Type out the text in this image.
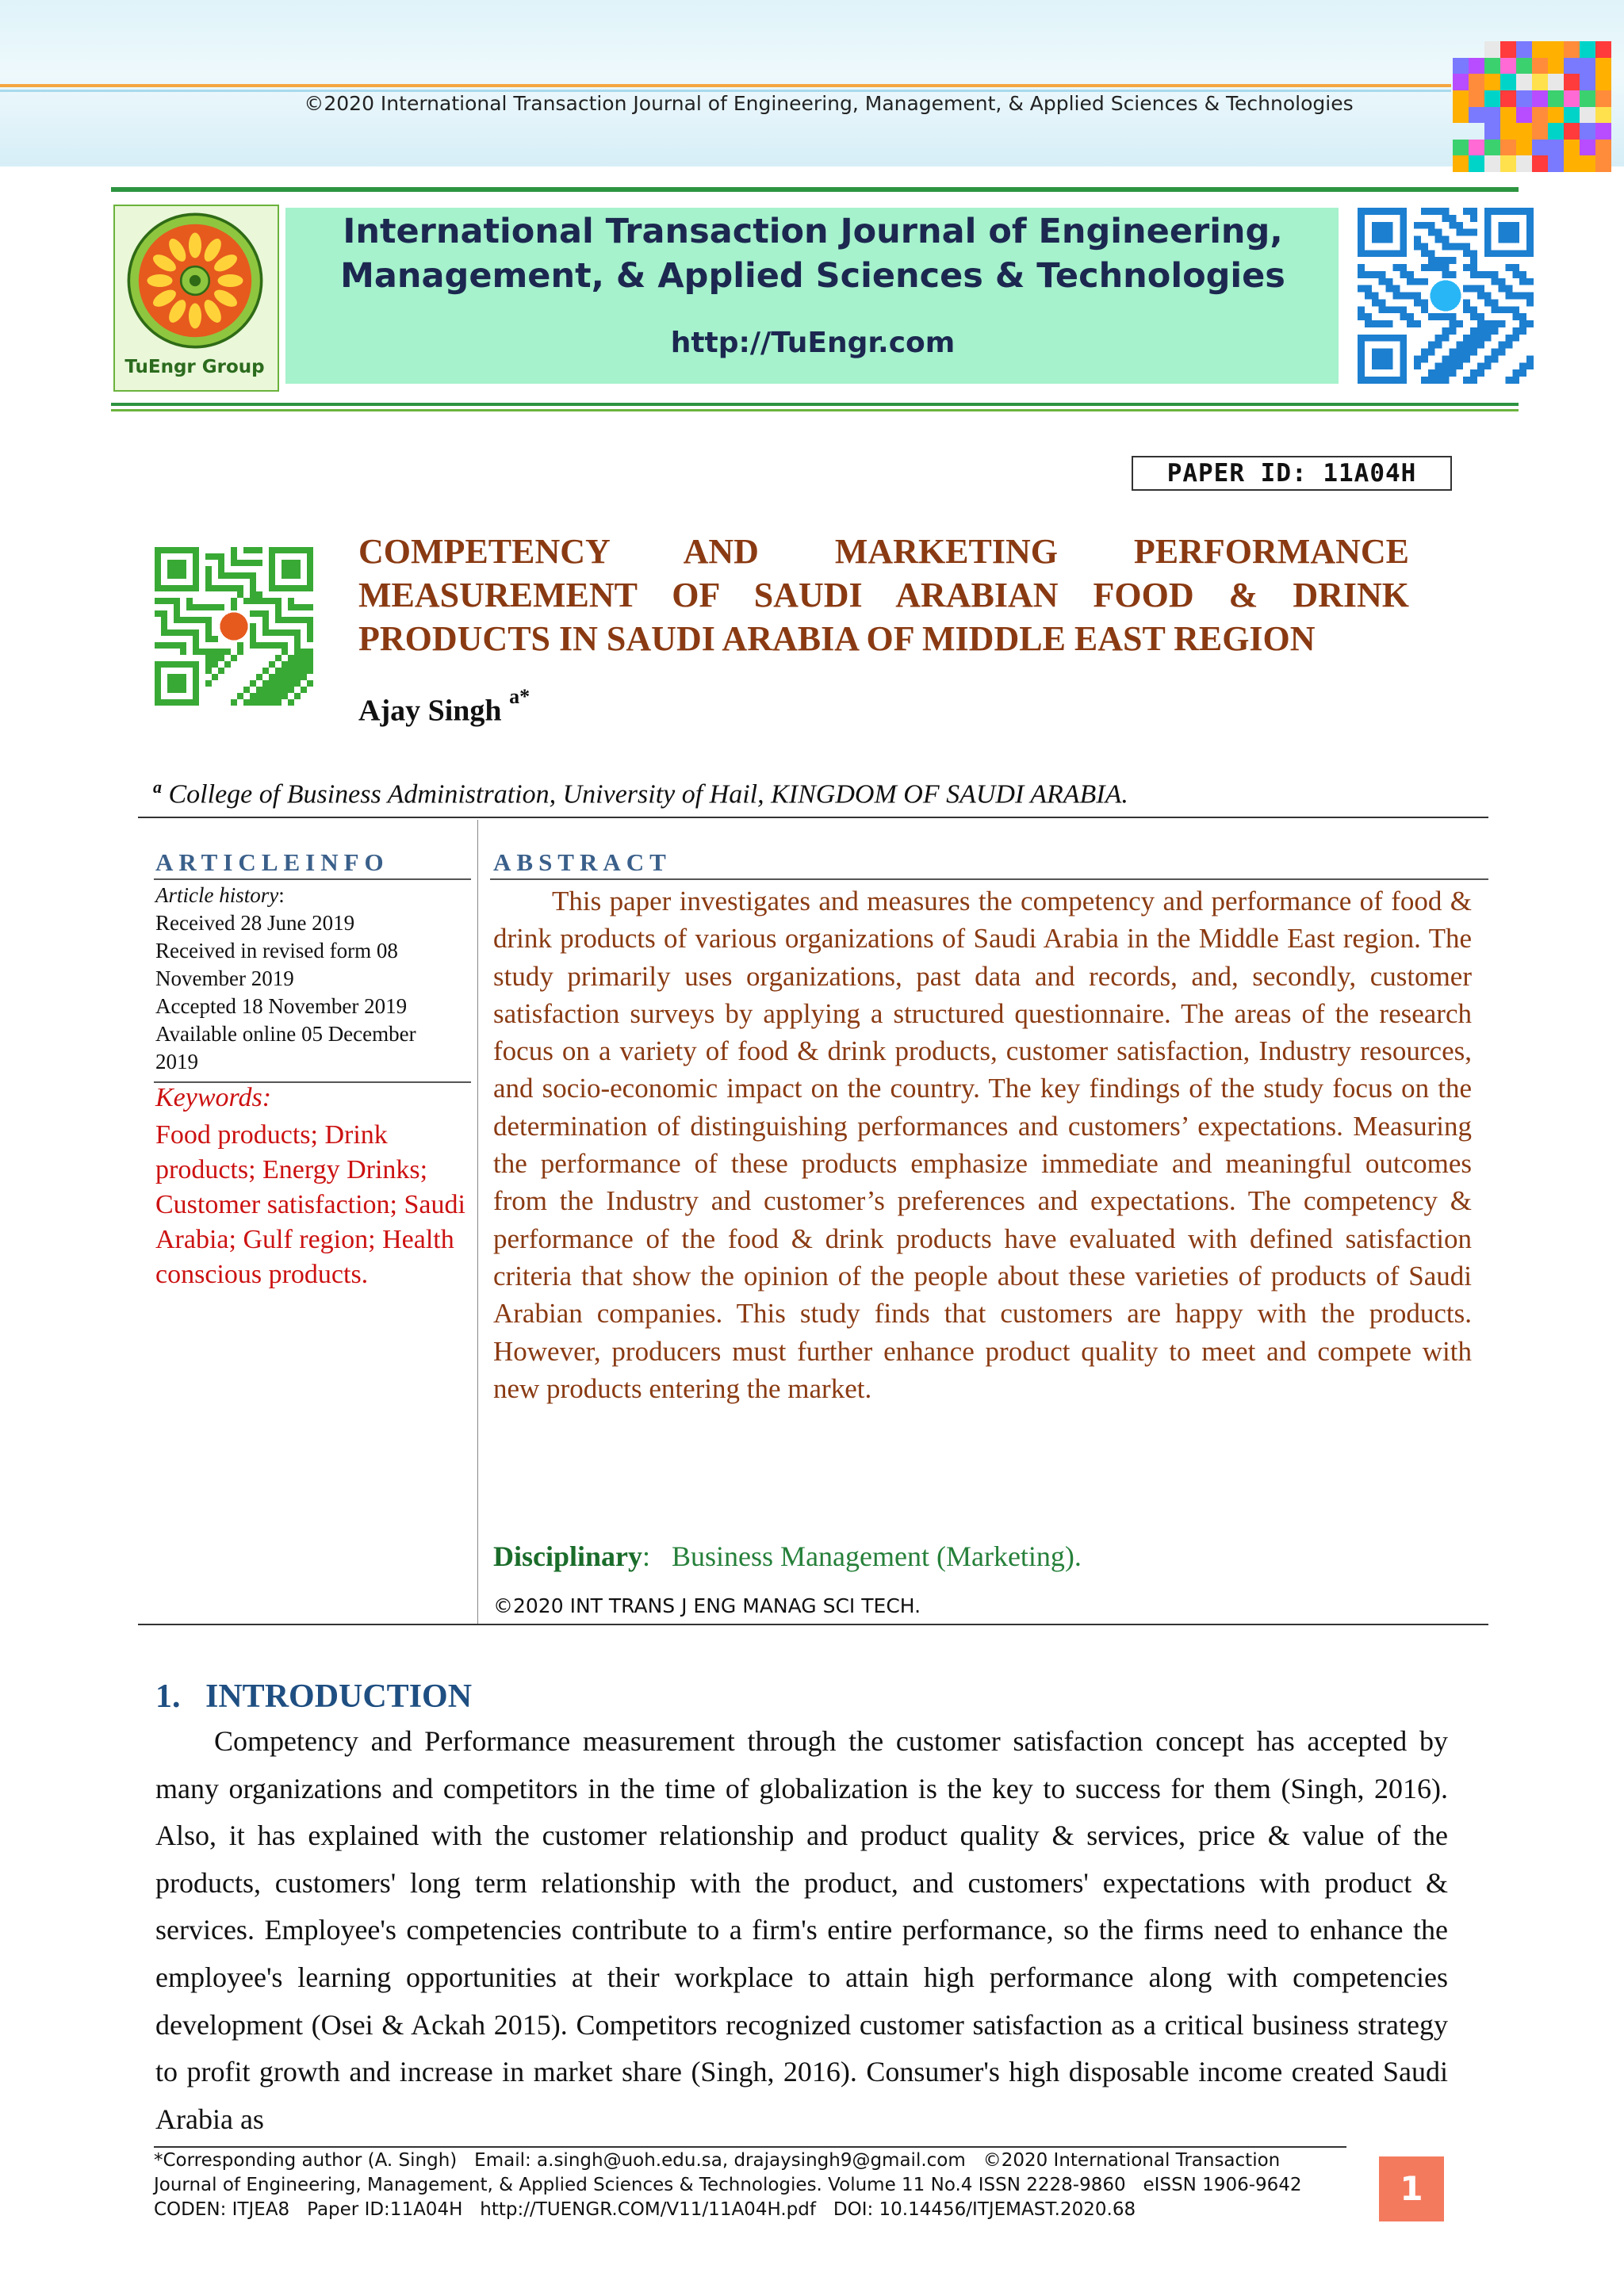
©2020 International Transaction Journal of Engineering, Management, & Applied Sciences & Technologies
TuEngr Group
International Transaction Journal of Engineering,
Management, & Applied Sciences & Technologies
http://TuEngr.com
PAPER ID: 11A04H
COMPETENCY AND MARKETING PERFORMANCE
MEASUREMENT OF SAUDI ARABIAN FOOD & DRINK
PRODUCTS IN SAUDI ARABIA OF MIDDLE EAST REGION
Ajay Singh $^{a*}$
$^a$ College of Business Administration, University of Hail, KINGDOM OF SAUDI ARABIA.
ARTICLEINFO	ABSTRACT
Article history:
Received 28 June 2019
Received in revised form 08
November 2019
Accepted 18 November 2019
Available online 05 December
2019
Keywords:
Food products; Drink products; Energy Drinks; Customer satisfaction; Saudi Arabia; Gulf region; Health conscious products.
This paper investigates and measures the competency and performance of food & drink products of various organizations of Saudi Arabia in the Middle East region. The study primarily uses organizations, past data and records, and, secondly, customer satisfaction surveys by applying a structured questionnaire. The areas of the research focus on a variety of food & drink products, customer satisfaction, Industry resources, and socio-economic impact on the country. The key findings of the study focus on the determination of distinguishing performances and customers’ expectations. Measuring the performance of these products emphasize immediate and meaningful outcomes from the Industry and customer’s preferences and expectations. The competency & performance of the food & drink products have evaluated with defined satisfaction criteria that show the opinion of the people about these varieties of products of Saudi Arabian companies. This study finds that customers are happy with the products. However, producers must further enhance product quality to meet and compete with new products entering the market.
Disciplinary:   Business Management (Marketing).
©2020 INT TRANS J ENG MANAG SCI TECH.
1.   INTRODUCTION
Competency and Performance measurement through the customer satisfaction concept has accepted by many organizations and competitors in the time of globalization is the key to success for them (Singh, 2016). Also, it has explained with the customer relationship and product quality & services, price & value of the products, customers' long term relationship with the product, and customers' expectations with product & services. Employee's competencies contribute to a firm's entire performance, so the firms need to enhance the employee's learning opportunities at their workplace to attain high performance along with competencies development (Osei & Ackah 2015). Competitors recognized customer satisfaction as a critical business strategy to profit growth and increase in market share (Singh, 2016). Consumer's high disposable income created Saudi Arabia as
*Corresponding author (A. Singh)   Email: a.singh@uoh.edu.sa, drajaysingh9@gmail.com   ©2020 International Transaction
Journal of Engineering, Management, & Applied Sciences & Technologies. Volume 11 No.4 ISSN 2228-9860   eISSN 1906-9642
CODEN: ITJEA8   Paper ID:11A04H   http://TUENGR.COM/V11/11A04H.pdf   DOI: 10.14456/ITJEMAST.2020.68
1
